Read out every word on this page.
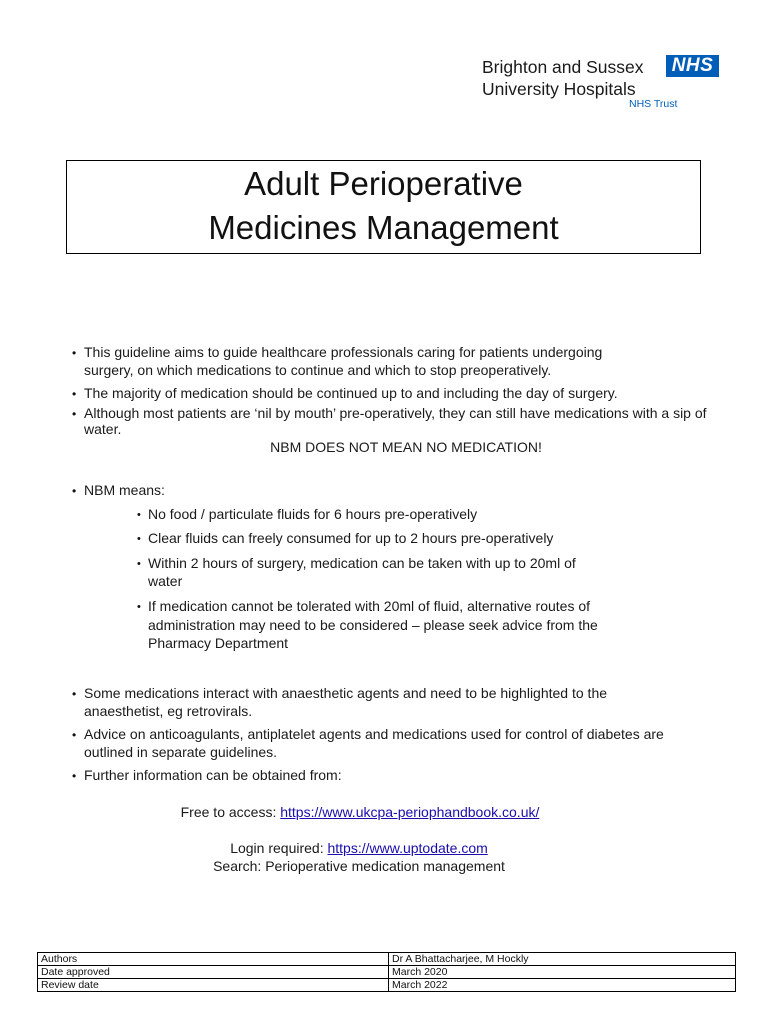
Brighton and Sussex
University Hospitals
NHS
NHS Trust
Adult Perioperative
Medicines Management
• This guideline aims to guide healthcare professionals caring for patients undergoing
surgery, on which medications to continue and which to stop preoperatively.
• The majority of medication should be continued up to and including the day of surgery.
• Although most patients are ‘nil by mouth’ pre-operatively, they can still have medications with a sip of
water.
NBM DOES NOT MEAN NO MEDICATION!
• NBM means:
• No food / particulate fluids for 6 hours pre-operatively
• Clear fluids can freely consumed for up to 2 hours pre-operatively
• Within 2 hours of surgery, medication can be taken with up to 20ml of
water
• If medication cannot be tolerated with 20ml of fluid, alternative routes of
administration may need to be considered – please seek advice from the
Pharmacy Department
• Some medications interact with anaesthetic agents and need to be highlighted to the
anaesthetist, eg retrovirals.
• Advice on anticoagulants, antiplatelet agents and medications used for control of diabetes are
outlined in separate guidelines.
• Further information can be obtained from:
Free to access: https://www.ukcpa-periophandbook.co.uk/
Login required: https://www.uptodate.com
Search: Perioperative medication management
Authors	Dr A Bhattacharjee, M Hockly
Date approved	March 2020
Review date	March 2022
